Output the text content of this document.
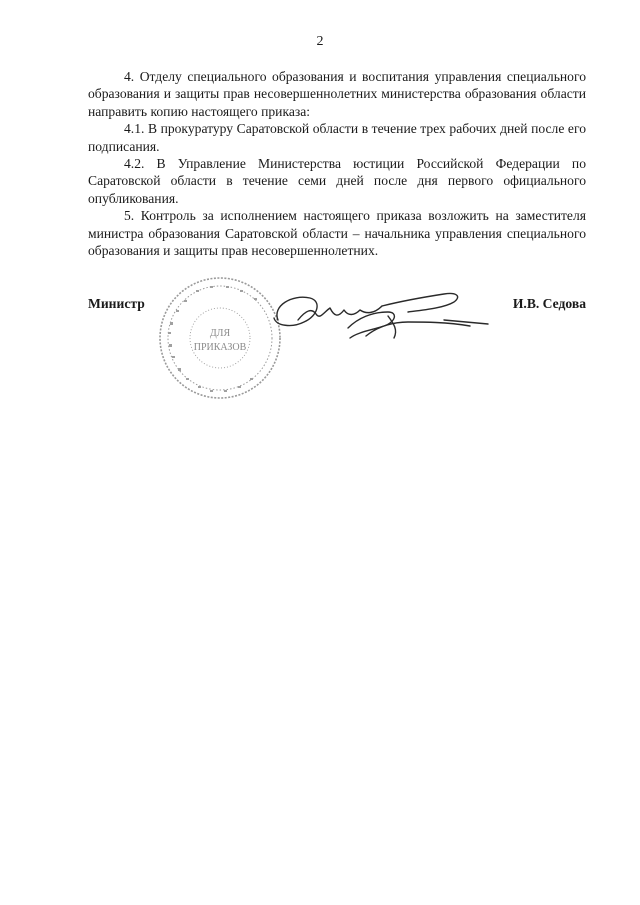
2

4. Отделу специального образования и воспитания управления специального образования и защиты прав несовершеннолетних министерства образования области направить копию настоящего приказа:

4.1. В прокуратуру Саратовской области в течение трех рабочих дней после его подписания.

4.2. В Управление Министерства юстиции Российской Федерации по Саратовской области в течение семи дней после дня первого официального опубликования.

5. Контроль за исполнением настоящего приказа возложить на заместителя министра образования Саратовской области – начальника управления специального образования и защиты прав несовершеннолетних.

ДЛЯ
ПРИКАЗОВ
Министр	И.В. Седова
